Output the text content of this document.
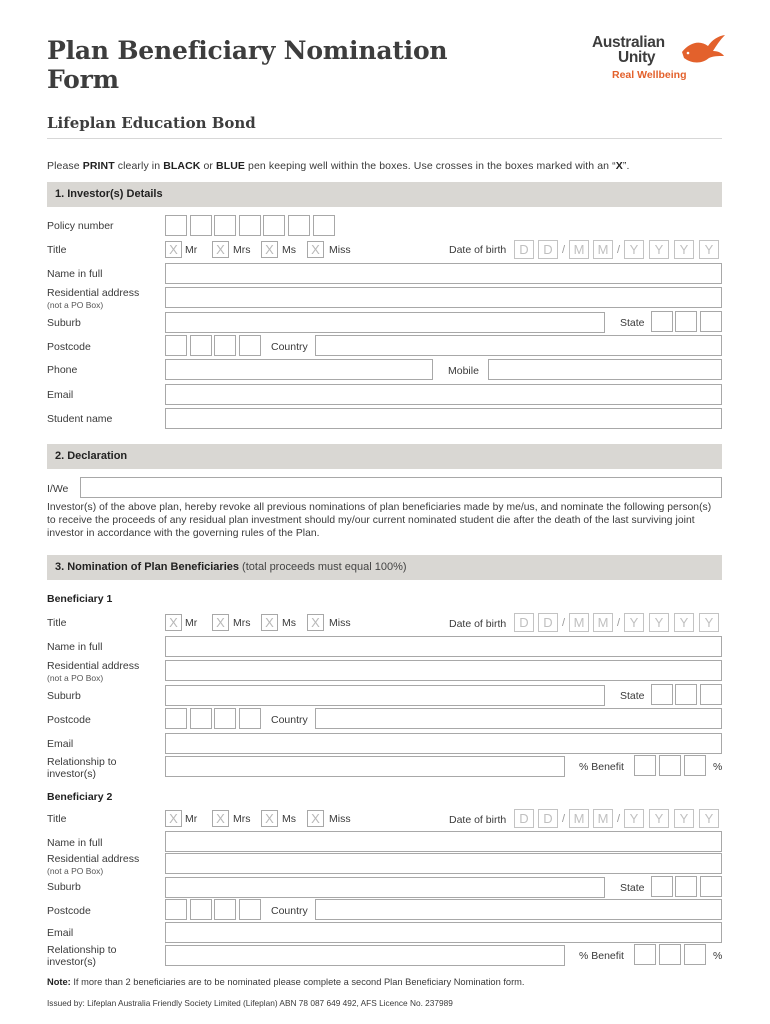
Plan Beneficiary Nomination Form
Australian
Unity
Real Wellbeing
Lifeplan Education Bond
Please PRINT clearly in BLACK or BLUE pen keeping well within the boxes. Use crosses in the boxes marked with an “X”.
1. Investor(s) Details
Policy number
Title	X Mr	X Mrs	X Ms	X Miss	Date of birth	D	D / M	M / Y	Y	Y	Y
Name in full
Residential address
(not a PO Box)
Suburb	State
Postcode	Country
Phone	Mobile
Email
Student name
2. Declaration
I/We
Investor(s) of the above plan, hereby revoke all previous nominations of plan beneficiaries made by me/us, and nominate the following person(s) to receive the proceeds of any residual plan investment should my/our current nominated student die after the death of the last surviving joint investor in accordance with the governing rules of the Plan.
3. Nomination of Plan Beneficiaries (total proceeds must equal 100%)
Beneficiary 1
Title	X Mr	X Mrs	X Ms	X Miss	Date of birth	D	D / M	M / Y	Y	Y	Y
Name in full
Residential address
(not a PO Box)
Suburb	State
Postcode	Country
Email
Relationship to
investor(s)
% Benefit	%
Beneficiary 2
Title	X Mr	X Mrs	X Ms	X Miss	Date of birth	D	D / M	M / Y	Y	Y	Y
Name in full
Residential address
(not a PO Box)
Suburb	State
Postcode	Country
Email
Relationship to
investor(s)	% Benefit	%
Note: If more than 2 beneficiaries are to be nominated please complete a second Plan Beneficiary Nomination form.
Issued by: Lifeplan Australia Friendly Society Limited (Lifeplan) ABN 78 087 649 492, AFS Licence No. 237989
